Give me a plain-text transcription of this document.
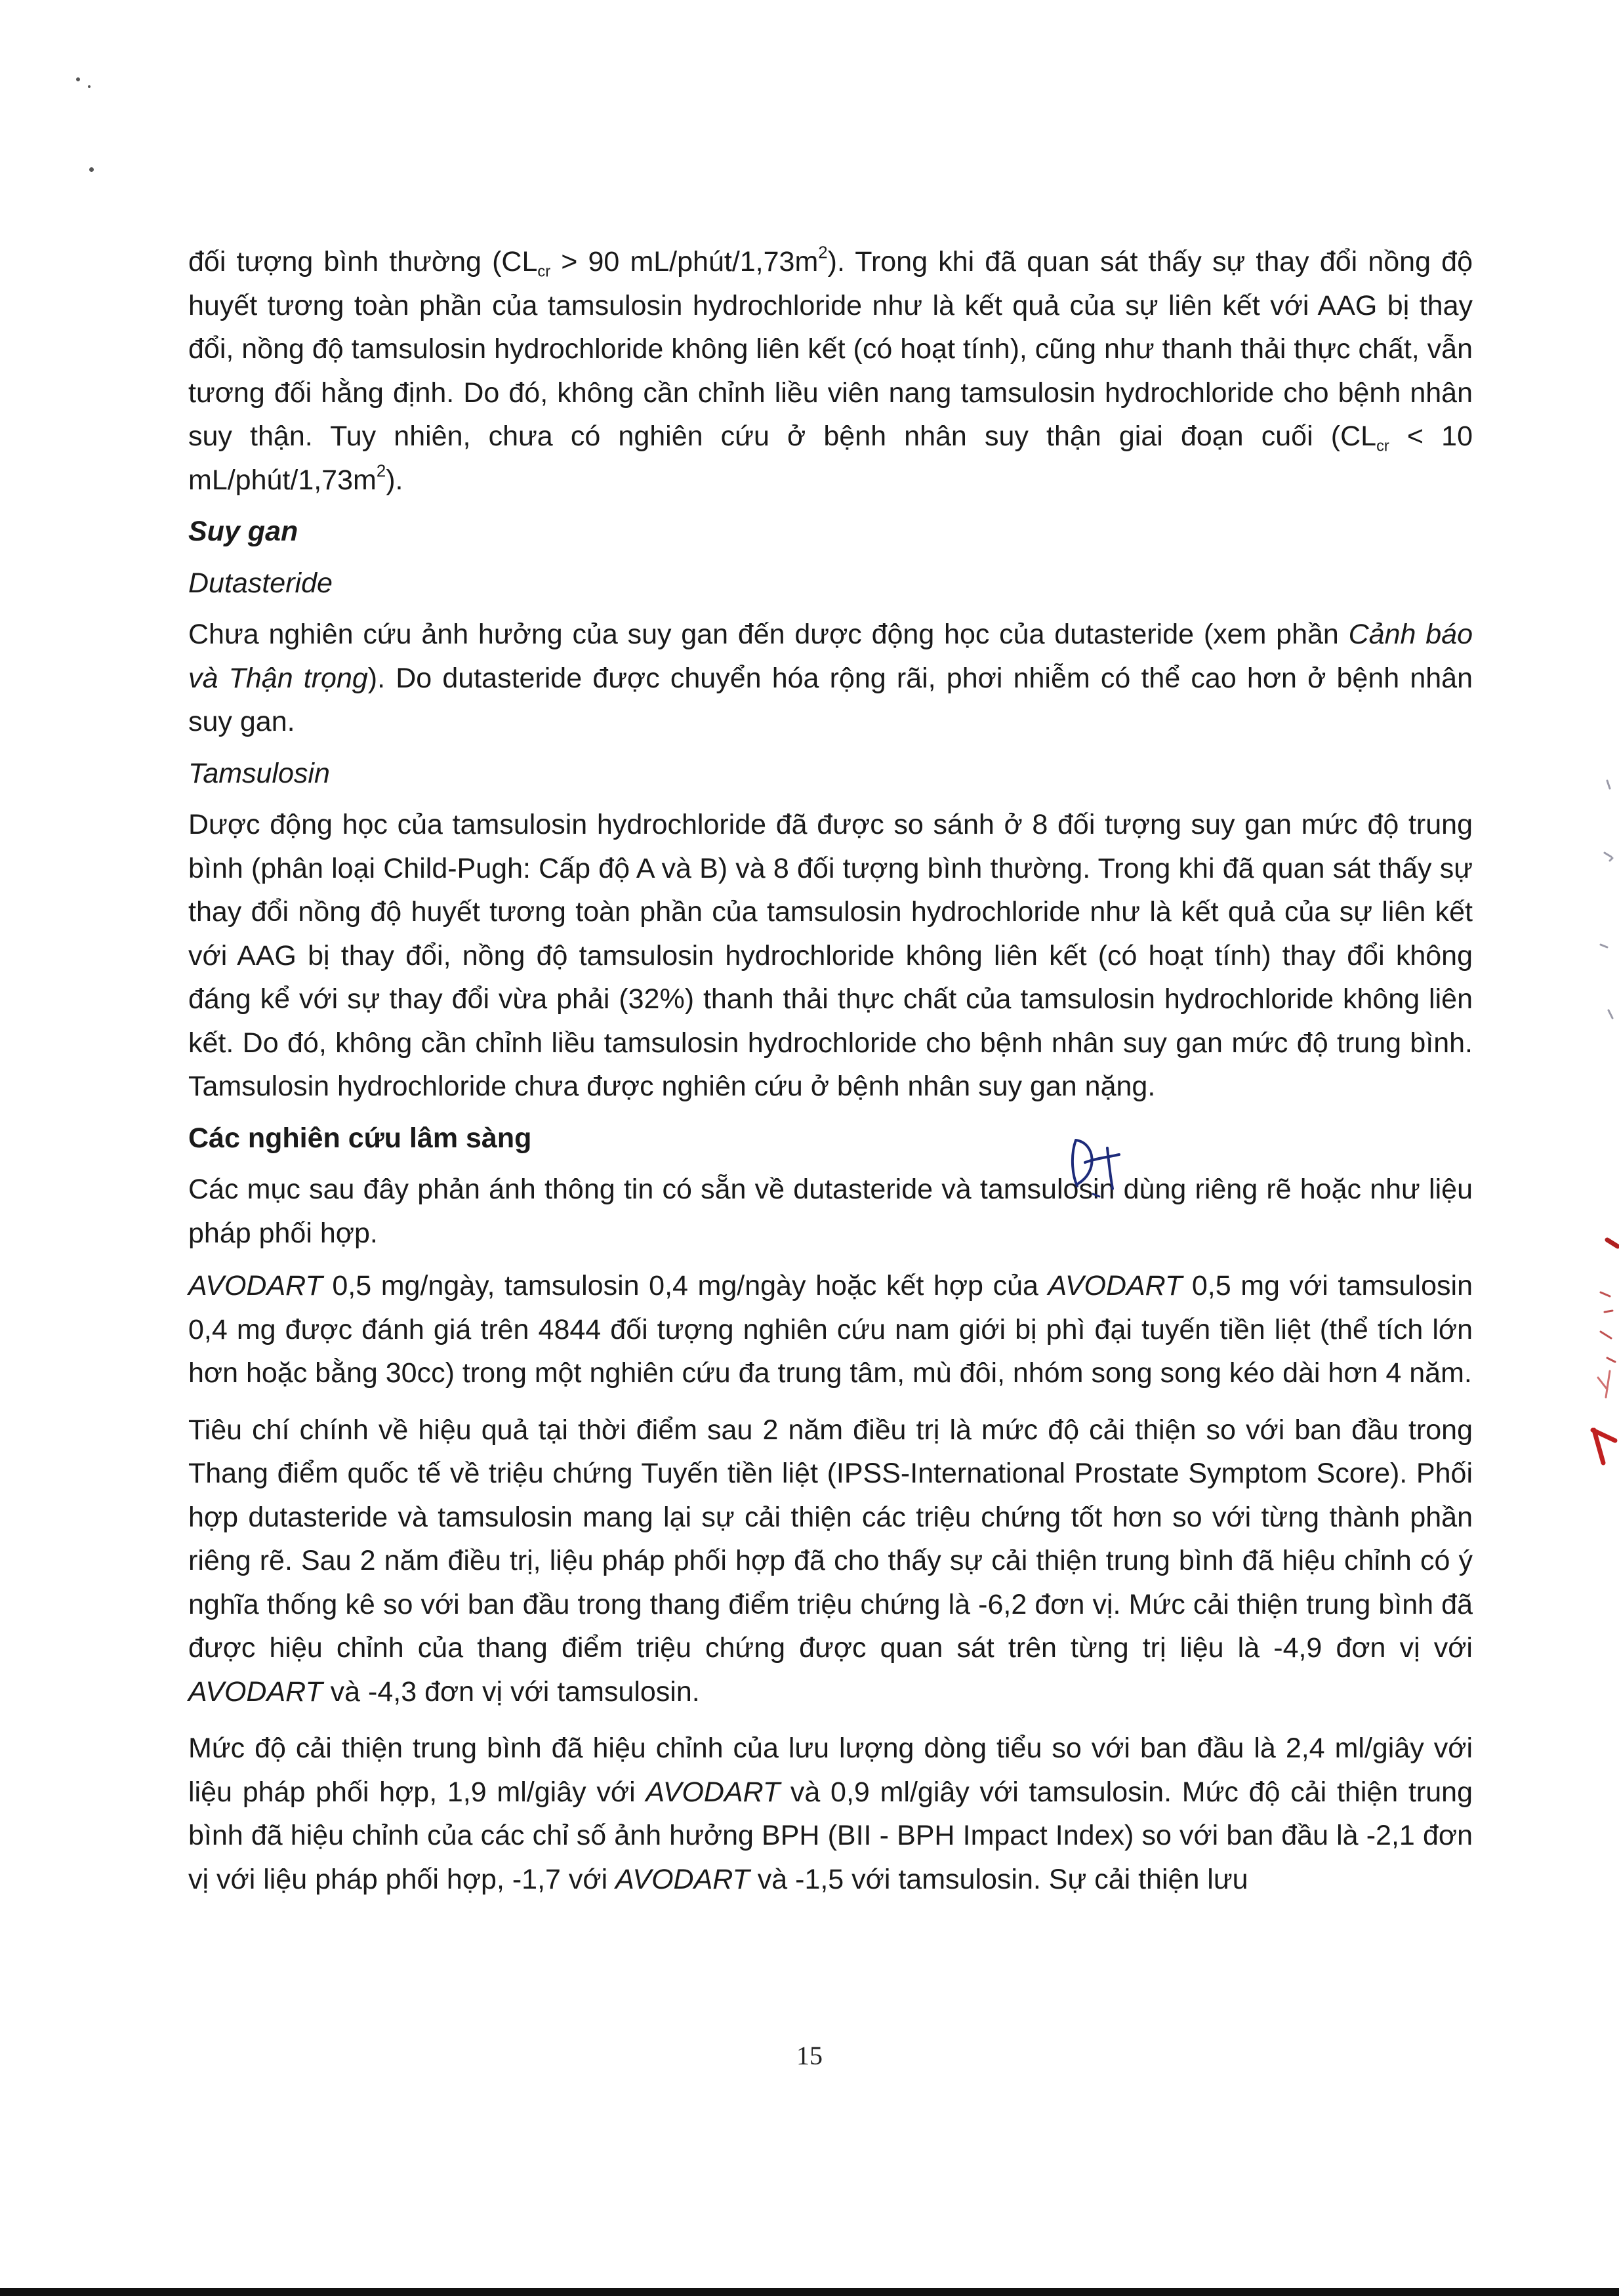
đối tượng bình thường ($CL_{cr} > 90$ $mL/phút/1,73m^2$). Trong khi đã quan sát thấy sự thay đổi nồng độ huyết tương toàn phần của tamsulosin hydrochloride như là kết quả của sự liên kết với AAG bị thay đổi, nồng độ tamsulosin hydrochloride không liên kết (có hoạt tính), cũng như thanh thải thực chất, vẫn tương đối hằng định. Do đó, không cần chỉnh liều viên nang tamsulosin hydrochloride cho bệnh nhân suy thận. Tuy nhiên, chưa có nghiên cứu ở bệnh nhân suy thận giai đoạn cuối ($CL_{cr} < 10$ $mL/phút/1,73m^2$).

Suy gan

Dutasteride

Chưa nghiên cứu ảnh hưởng của suy gan đến dược động học của dutasteride (xem phần Cảnh báo và Thận trọng). Do dutasteride được chuyển hóa rộng rãi, phơi nhiễm có thể cao hơn ở bệnh nhân suy gan.

Tamsulosin

Dược động học của tamsulosin hydrochloride đã được so sánh ở 8 đối tượng suy gan mức độ trung bình (phân loại Child-Pugh: Cấp độ A và B) và 8 đối tượng bình thường. Trong khi đã quan sát thấy sự thay đổi nồng độ huyết tương toàn phần của tamsulosin hydrochloride như là kết quả của sự liên kết với AAG bị thay đổi, nồng độ tamsulosin hydrochloride không liên kết (có hoạt tính) thay đổi không đáng kể với sự thay đổi vừa phải (32%) thanh thải thực chất của tamsulosin hydrochloride không liên kết. Do đó, không cần chỉnh liều tamsulosin hydrochloride cho bệnh nhân suy gan mức độ trung bình. Tamsulosin hydrochloride chưa được nghiên cứu ở bệnh nhân suy gan nặng.

Các nghiên cứu lâm sàng

Các mục sau đây phản ánh thông tin có sẵn về dutasteride và tamsulosin dùng riêng rẽ hoặc như liệu pháp phối hợp.

AVODART 0,5 mg/ngày, tamsulosin 0,4 mg/ngày hoặc kết hợp của AVODART 0,5 mg với tamsulosin 0,4 mg được đánh giá trên 4844 đối tượng nghiên cứu nam giới bị phì đại tuyến tiền liệt (thể tích lớn hơn hoặc bằng 30cc) trong một nghiên cứu đa trung tâm, mù đôi, nhóm song song kéo dài hơn 4 năm.

Tiêu chí chính về hiệu quả tại thời điểm sau 2 năm điều trị là mức độ cải thiện so với ban đầu trong Thang điểm quốc tế về triệu chứng Tuyến tiền liệt (IPSS-International Prostate Symptom Score). Phối hợp dutasteride và tamsulosin mang lại sự cải thiện các triệu chứng tốt hơn so với từng thành phần riêng rẽ. Sau 2 năm điều trị, liệu pháp phối hợp đã cho thấy sự cải thiện trung bình đã hiệu chỉnh có ý nghĩa thống kê so với ban đầu trong thang điểm triệu chứng là -6,2 đơn vị. Mức cải thiện trung bình đã được hiệu chỉnh của thang điểm triệu chứng được quan sát trên từng trị liệu là -4,9 đơn vị với AVODART và -4,3 đơn vị với tamsulosin.

Mức độ cải thiện trung bình đã hiệu chỉnh của lưu lượng dòng tiểu so với ban đầu là 2,4 ml/giây với liệu pháp phối hợp, 1,9 ml/giây với AVODART và 0,9 ml/giây với tamsulosin. Mức độ cải thiện trung bình đã hiệu chỉnh của các chỉ số ảnh hưởng BPH (BII - BPH Impact Index) so với ban đầu là -2,1 đơn vị với liệu pháp phối hợp, -1,7 với AVODART và -1,5 với tamsulosin. Sự cải thiện lưu

15
